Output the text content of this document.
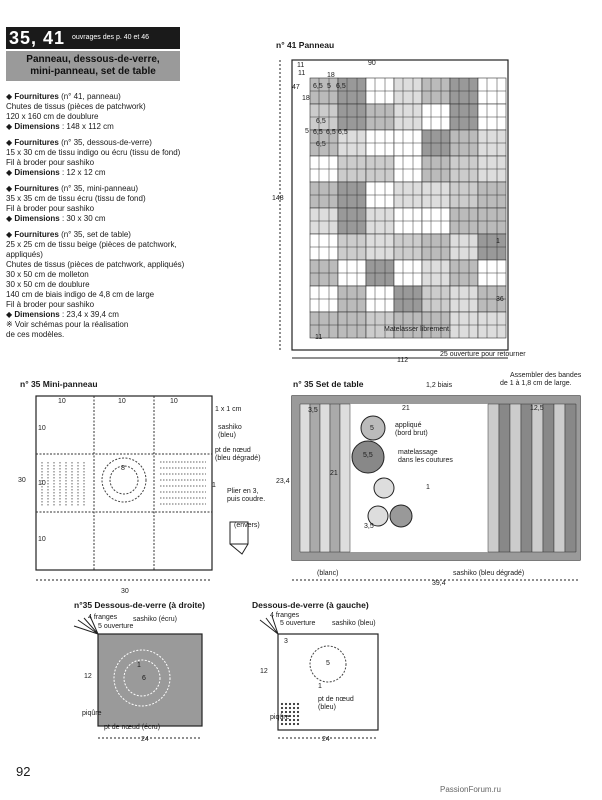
35, 41 ouvrages des p. 40 et 46
Panneau, dessous-de-verre,
mini-panneau, set de table

◆ Fournitures (n° 41, panneau)
Chutes de tissus (pièces de patchwork)
120 x 160 cm de doublure
◆ Dimensions : 148 x 112 cm

◆ Fournitures (n° 35, dessous-de-verre)
15 x 30 cm de tissu indigo ou écru (tissu de fond)
Fil à broder pour sashiko
◆ Dimensions : 12 x 12 cm

◆ Fournitures (n° 35, mini-panneau)
35 x 35 cm de tissu écru (tissu de fond)
Fil à broder pour sashiko
◆ Dimensions : 30 x 30 cm

◆ Fournitures (n° 35, set de table)
25 x 25 cm de tissu beige (pièces de patchwork,
appliqués)
Chutes de tissus (pièces de patchwork, appliqués)
30 x 50 cm de molleton
30 x 50 cm de doublure
140 cm de biais indigo de 4,8 cm de large
Fil à broder pour sashiko
◆ Dimensions : 23,4 x 39,4 cm
※ Voir schémas pour la réalisation
de ces modèles.

n° 41 Panneau
90
11
11	18
47
18
6,5 5 6,5
6,5
5 6,5 6,5 6,5
6,5
148
1
36
11
Matelasser librement.
25 ouverture pour retourner
112
n° 35 Mini-panneau
10	10	10
10
10
10
1 x 1 cm
sashiko
(bleu)
pt de nœud
(bleu dégradé)
30
30
8
1
Plier en 3,
puis coudre.
(envers)
n° 35 Set de table	1,2 biais
Assembler des bandes
de 1 à 1,8 cm de large.
3,5	12,5
21
5
5,5
3,5
appliqué
(bord brut)
matelassage
dans les coutures
1
21
23,4
(blanc)	sashiko (bleu dégradé)
39,4
n°35 Dessous-de-verre (à droite)
4 franges sashiko (écru)
5 ouverture
12	6
1
piqûre
pt de nœud (écru)
24
Dessous-de-verre (à gauche)
4 franges
5 ouverture sashiko (bleu)
3
5
12
1
pt de nœud
(bleu)
piqûre
24
92
PassionForum.ru
